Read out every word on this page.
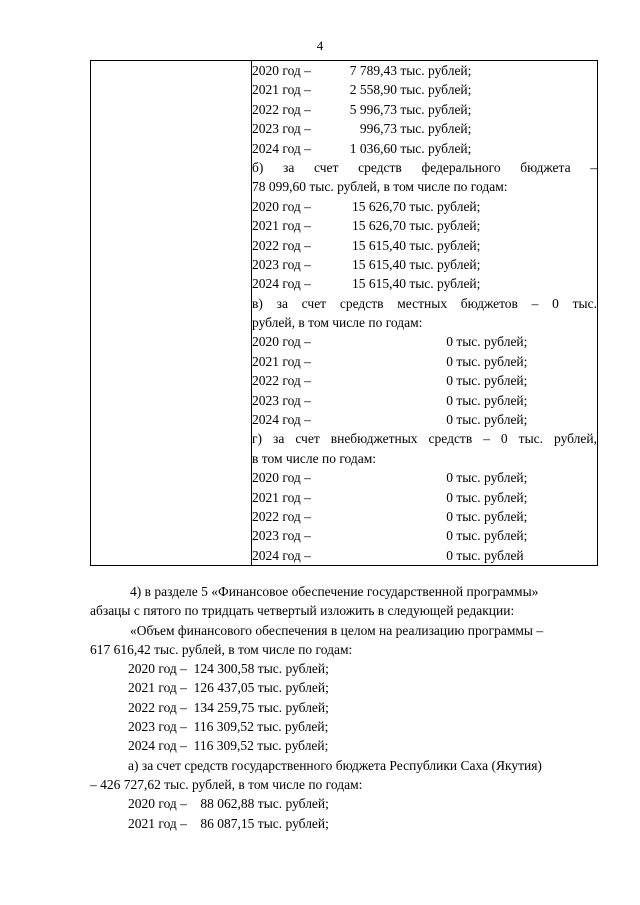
4

2020 год –	7 789,43 тыс. рублей;
2021 год –	2 558,90 тыс. рублей;
2022 год –	5 996,73 тыс. рублей;
2023 год –	996,73 тыс. рублей;
2024 год –	1 036,60 тыс. рублей;
б) за счет средств федерального бюджета –
78 099,60 тыс. рублей, в том числе по годам:
2020 год –	15 626,70 тыс. рублей;
2021 год –	15 626,70 тыс. рублей;
2022 год –	15 615,40 тыс. рублей;
2023 год –	15 615,40 тыс. рублей;
2024 год –	15 615,40 тыс. рублей;
в) за счет средств местных бюджетов – 0 тыс.
рублей, в том числе по годам:
2020 год –	0 тыс. рублей;
2021 год –	0 тыс. рублей;
2022 год –	0 тыс. рублей;
2023 год –	0 тыс. рублей;
2024 год –	0 тыс. рублей;
г) за счет внебюджетных средств – 0 тыс. рублей,
в том числе по годам:
2020 год –	0 тыс. рублей;
2021 год –	0 тыс. рублей;
2022 год –	0 тыс. рублей;
2023 год –	0 тыс. рублей;
2024 год –	0 тыс. рублей
4) в разделе 5 «Финансовое обеспечение государственной программы»
абзацы с пятого по тридцать четвертый изложить в следующей редакции:
«Объем финансового обеспечения в целом на реализацию программы –
617 616,42 тыс. рублей, в том числе по годам:
2020 год –  124 300,58 тыс. рублей;
2021 год –  126 437,05 тыс. рублей;
2022 год –  134 259,75 тыс. рублей;
2023 год –  116 309,52 тыс. рублей;
2024 год –  116 309,52 тыс. рублей;
а) за счет средств государственного бюджета Республики Саха (Якутия)
– 426 727,62 тыс. рублей, в том числе по годам:
2020 год –    88 062,88 тыс. рублей;
2021 год –    86 087,15 тыс. рублей;
